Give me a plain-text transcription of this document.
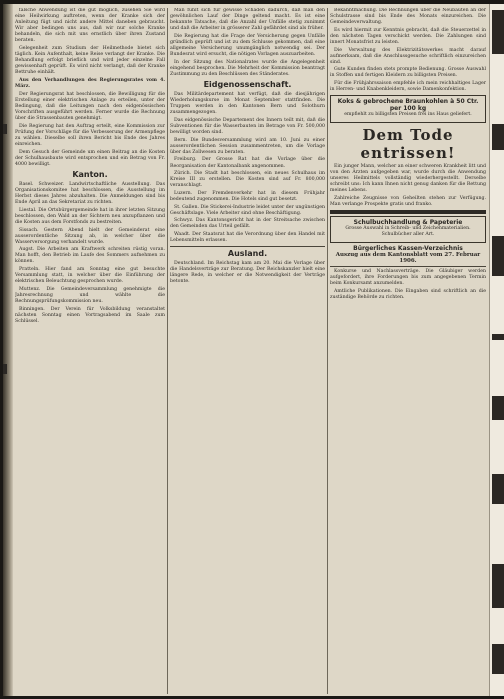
falsche Anwendung ist die gut möglich, zusehen Sie wird eine Heilwirkung auftreten, wenn der Kranke sich der Anleitung fügt und nicht andere Mittel daneben gebraucht. Wir aber bedingen uns aus, daß wir nur solche Kranke behandeln, die sich mit uns ernstlich über ihren Zustand beraten.

Gelegenheit zum Studium der Heilmethode bietet sich täglich. Kein Aufenthalt, keine Reise verlangt der Kranke. Die Behandlung erfolgt brieflich und wird jeder einzelne Fall gewissenhaft geprüft. Es wird nicht verlangt, daß der Kranke Bettruhe einhält.

Aus den Verhandlungen des Regierungsrates vom 4. März.

Der Regierungsrat hat beschlossen, die Bewilligung für die Erstellung einer elektrischen Anlage zu erteilen, unter der Bedingung, daß die Leitungen nach den eidgenössischen Vorschriften ausgeführt werden. Ferner wurde die Rechnung über die Strassenbauten genehmigt.

Die Regierung hat den Auftrag erteilt, eine Kommission zur Prüfung der Vorschläge für die Verbesserung der Armenpflege zu wählen. Dieselbe soll ihren Bericht bis Ende des Jahres einreichen.

Dem Gesuch der Gemeinde um einen Beitrag an die Kosten der Schulhausbaute wird entsprochen und ein Betrag von Fr. 4000 bewilligt.

Kanton.

Basel. Schweizer. Landwirtschaftliche Ausstellung. Das Organisationskomitee hat beschlossen, die Ausstellung im Herbst dieses Jahres abzuhalten. Die Anmeldungen sind bis Ende April an das Sekretariat zu richten.

Liestal. Die Ortsbürgergemeinde hat in ihrer letzten Sitzung beschlossen, den Wald an der Sichtern neu anzupflanzen und die Kosten aus dem Forstfonds zu bestreiten.

Sissach. Gestern Abend hielt der Gemeinderat eine ausserordentliche Sitzung ab, in welcher über die Wasserversorgung verhandelt wurde.

Augst. Die Arbeiten am Kraftwerk schreiten rüstig voran. Man hofft, den Betrieb im Laufe des Sommers aufnehmen zu können.

Pratteln. Hier fand am Sonntag eine gut besuchte Versammlung statt, in welcher über die Einführung der elektrischen Beleuchtung gesprochen wurde.

Muttenz. Die Gemeindeversammlung genehmigte die Jahresrechnung und wählte die Rechnungsprüfungskommission neu.

Binningen. Der Verein für Volksbildung veranstaltet nächsten Sonntag einen Vortragsabend im Saale zum Schlüssel.

Man fühlt sich für gewisse Schäden dadurch, daß man den gewöhnlichen Lauf der Dinge geltend macht. Es ist eine bekannte Tatsache, daß die Anzahl der Unfälle stetig zunimmt und daß die Arbeiter in grösserer Zahl gefährdet sind als früher.

Die Regierung hat die Frage der Versicherung gegen Unfälle gründlich geprüft und ist zu dem Schlusse gekommen, daß eine allgemeine Versicherung unumgänglich notwendig sei. Der Bundesrat wird ersucht, die nötigen Vorlagen auszuarbeiten.

In der Sitzung des Nationalrates wurde die Angelegenheit eingehend besprochen. Die Mehrheit der Kommission beantragt Zustimmung zu den Beschlüssen des Ständerates.

Eidgenossenschaft.

Das Militärdepartement hat verfügt, daß die diesjährigen Wiederholungskurse im Monat September stattfinden. Die Truppen werden in den Kantonen Bern und Solothurn zusammengezogen.

Das eidgenössische Departement des Innern teilt mit, daß die Subventionen für die Wasserbauten im Betrage von Fr. 500,000 bewilligt worden sind.

Bern. Die Bundesversammlung wird am 10. Juni zu einer ausserordentlichen Session zusammentreten, um die Vorlage über das Zollwesen zu beraten.

Freiburg. Der Grosse Rat hat die Vorlage über die Reorganisation der Kantonalbank angenommen.

Zürich. Die Stadt hat beschlossen, ein neues Schulhaus im Kreise III zu erstellen. Die Kosten sind auf Fr. 800,000 veranschlagt.

Luzern. Der Fremdenverkehr hat in diesem Frühjahr bedeutend zugenommen. Die Hotels sind gut besetzt.

St. Gallen. Die Stickerei-Industrie leidet unter der ungünstigen Geschäftslage. Viele Arbeiter sind ohne Beschäftigung.

Schwyz. Das Kantonsgericht hat in der Streitsache zwischen den Gemeinden das Urteil gefällt.

Waadt. Der Staatsrat hat die Verordnung über den Handel mit Lebensmitteln erlassen.

Ausland.

Deutschland. Im Reichstag kam am 20. Mai die Vorlage über die Handelsverträge zur Beratung. Der Reichskanzler hielt eine längere Rede, in welcher er die Notwendigkeit der Verträge betonte.

Bekanntmachung. Die Rechnungen über die Neubauten an der Schulstrasse sind bis Ende des Monats einzureichen. Die Gemeindeverwaltung.

Es wird hiermit zur Kenntnis gebracht, daß die Steuerzettel in den nächsten Tagen verschickt werden. Die Zahlungen sind innert Monatsfrist zu leisten.

Die Verwaltung des Elektrizitätswerkes macht darauf aufmerksam, daß die Anschlussgesuche schriftlich einzureichen sind.

Gute Kunden finden stets prompte Bedienung. Grosse Auswahl in Stoffen und fertigen Kleidern zu billigsten Preisen.

Für die Frühjahrssaison empfehle ich mein reichhaltiges Lager in Herren- und Knabenkleidern, sowie Damenkonfektion.

Koks & gebrochene Braunkohlen à 50 Ctr. per 100 kg

empfiehlt zu billigsten Preisen frei ins Haus geliefert.

Dem Tode entrissen!

Ein junger Mann, welcher an einer schweren Krankheit litt und von den Ärzten aufgegeben war, wurde durch die Anwendung unseres Heilmittels vollständig wiederhergestellt. Derselbe schreibt uns: Ich kann Ihnen nicht genug danken für die Rettung meines Lebens.

Zahlreiche Zeugnisse von Geheilten stehen zur Verfügung. Man verlange Prospekte gratis und franko.

Schulbuchhandlung & Papeterie

Grosse Auswahl in Schreib- und Zeichenmaterialien. Schulbücher aller Art.

Bürgerliches Kassen-Verzeichnis

Auszug aus dem Kantonsblatt vom 27. Februar 1906.

Konkurse und Nachlassverträge. Die Gläubiger werden aufgefordert, ihre Forderungen bis zum angegebenen Termin beim Konkursamt anzumelden.

Amtliche Publikationen. Die Eingaben sind schriftlich an die zuständige Behörde zu richten.
